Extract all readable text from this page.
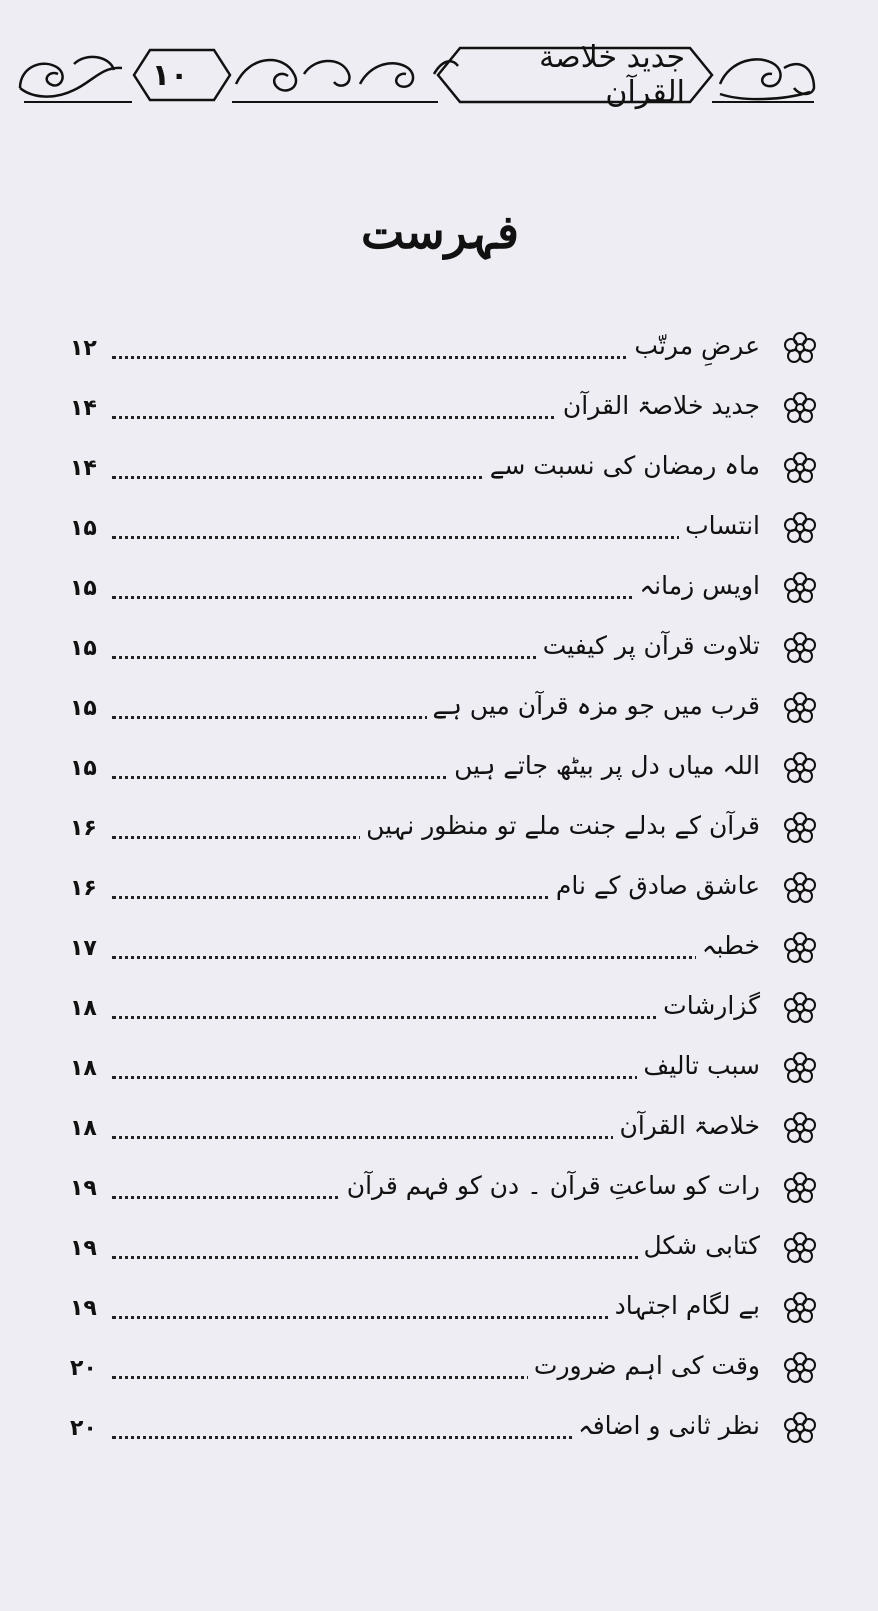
۱۰	جدید خلاصة القرآن
فہرست
عرضِ مرتّب
۱۲
جدید خلاصۃ القرآن
۱۴
ماہ رمضان کی نسبت سے
۱۴
انتساب
۱۵
اویس زمانہ
۱۵
تلاوت قرآن پر کیفیت
۱۵
قرب میں جو مزہ قرآن میں ہے
۱۵
اللہ میاں دل پر بیٹھ جاتے ہیں
۱۵
قرآن کے بدلے جنت ملے تو منظور نہیں
۱۶
عاشق صادق کے نام
۱۶
خطبہ
۱۷
گزارشات
۱۸
سبب تالیف
۱۸
خلاصۃ القرآن
۱۸
رات کو ساعتِ قرآن ۔ دن کو فہم قرآن
۱۹
کتابی شکل
۱۹
بے لگام اجتہاد
۱۹
وقت کی اہم ضرورت
۲۰
نظر ثانی و اضافہ
۲۰
